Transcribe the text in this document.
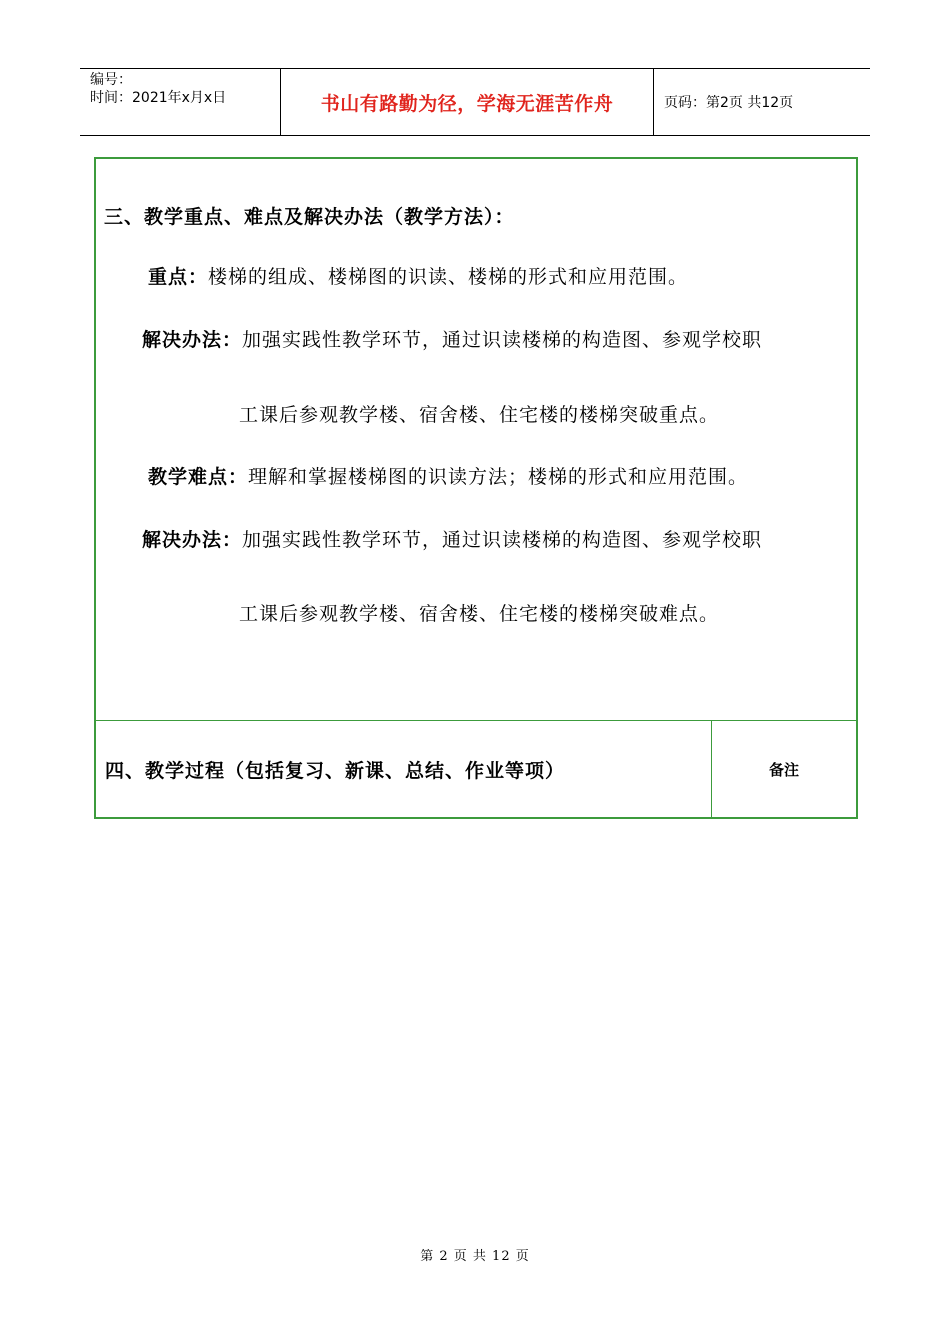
编号：
时间：2021年x月x日	书山有路勤为径，学海无涯苦作舟	页码：第2页 共12页
三、教学重点、难点及解决办法（教学方法）：
重点：楼梯的组成、楼梯图的识读、楼梯的形式和应用范围。
解决办法：加强实践性教学环节，通过识读楼梯的构造图、参观学校职
工课后参观教学楼、宿舍楼、住宅楼的楼梯突破重点。
教学难点：理解和掌握楼梯图的识读方法；楼梯的形式和应用范围。
解决办法：加强实践性教学环节，通过识读楼梯的构造图、参观学校职
工课后参观教学楼、宿舍楼、住宅楼的楼梯突破难点。
四、教学过程（包括复习、新课、总结、作业等项）	备注
第 2 页 共 12 页
